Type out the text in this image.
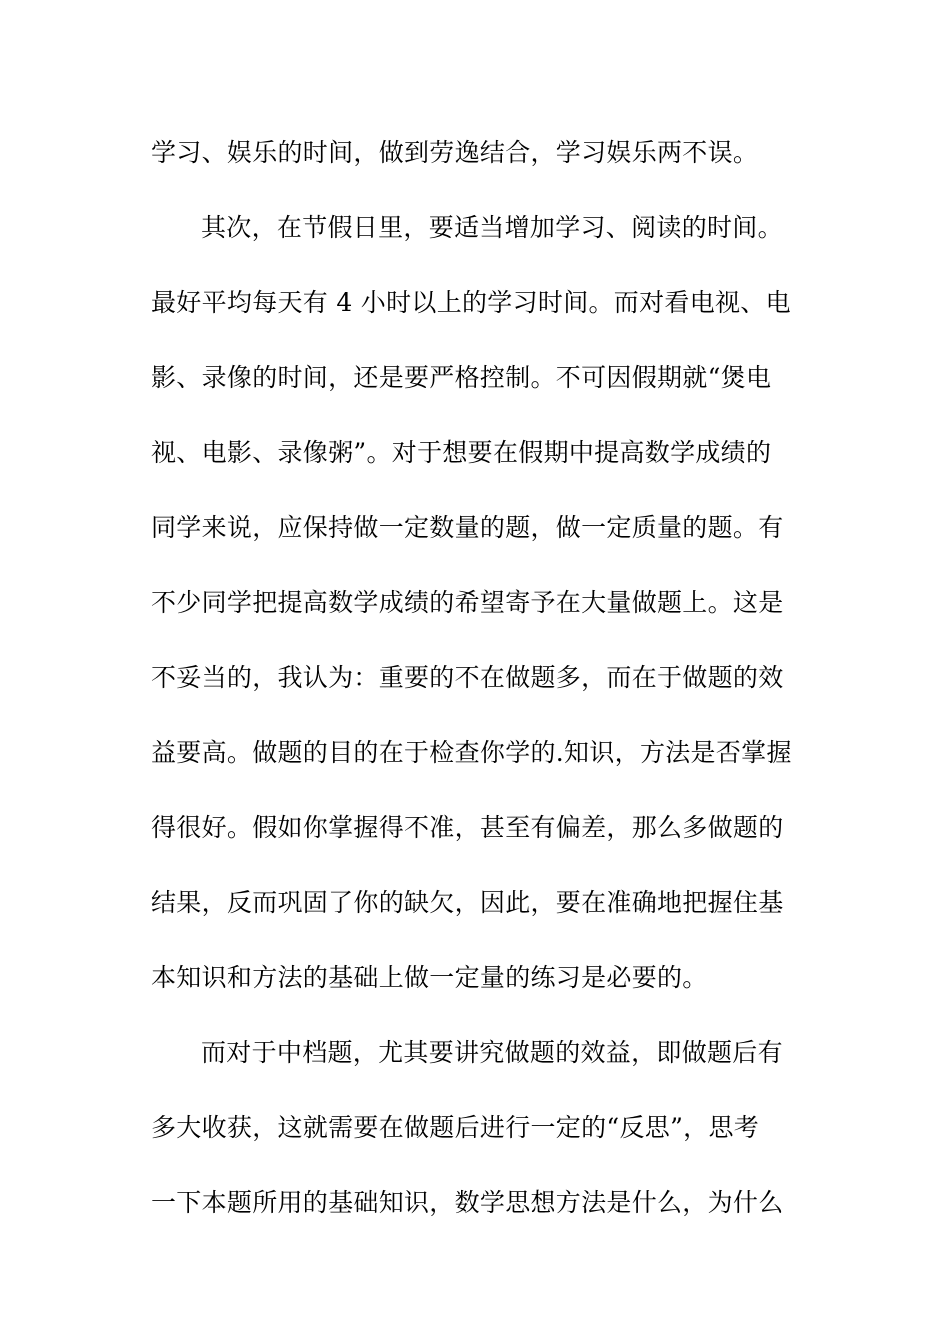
学习、娱乐的时间，做到劳逸结合，学习娱乐两不误。
其次，在节假日里，要适当增加学习、阅读的时间。
最好平均每天有 4 小时以上的学习时间。而对看电视、电
影、录像的时间，还是要严格控制。不可因假期就“煲电
视、电影、录像粥”。对于想要在假期中提高数学成绩的
同学来说，应保持做一定数量的题，做一定质量的题。有
不少同学把提高数学成绩的希望寄予在大量做题上。这是
不妥当的，我认为：重要的不在做题多，而在于做题的效
益要高。做题的目的在于检查你学的.知识，方法是否掌握
得很好。假如你掌握得不准，甚至有偏差，那么多做题的
结果，反而巩固了你的缺欠，因此，要在准确地把握住基
本知识和方法的基础上做一定量的练习是必要的。
而对于中档题，尤其要讲究做题的效益，即做题后有
多大收获，这就需要在做题后进行一定的“反思”，思考
一下本题所用的基础知识，数学思想方法是什么，为什么
